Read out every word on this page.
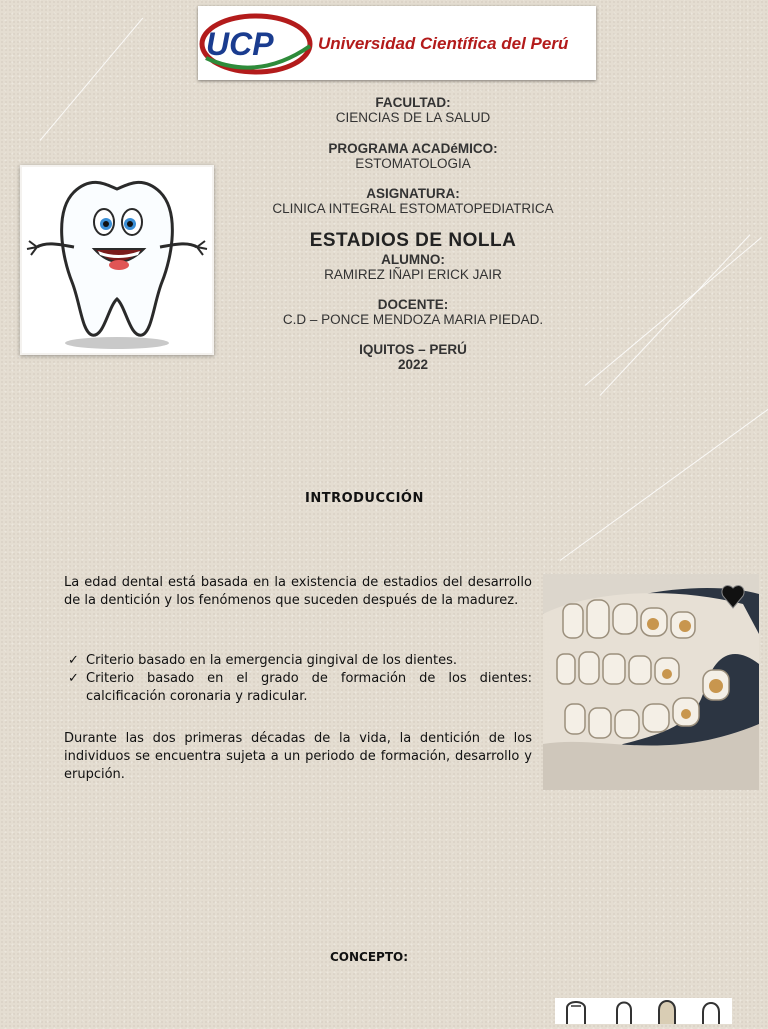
UCP	Universidad Científica del Perú
FACULTAD:
CIENCIAS DE LA SALUD
PROGRAMA ACADéMICO:
ESTOMATOLOGIA
ASIGNATURA:
CLINICA INTEGRAL ESTOMATOPEDIATRICA
ESTADIOS DE NOLLA
ALUMNO:
RAMIREZ IÑAPI ERICK JAIR
DOCENTE:
C.D – PONCE MENDOZA MARIA PIEDAD.
IQUITOS – PERÚ
2022
INTRODUCCIÓN
La edad dental está basada en la existencia de estadios del desarrollo de la dentición y los fenómenos que suceden después de la madurez.
✓ Criterio basado en la emergencia gingival de los dientes.
✓ Criterio basado en el grado de formación de los dientes: calcificación coronaria y radicular.
Durante las dos primeras décadas de la vida, la dentición de los individuos se encuentra sujeta a un periodo de formación, desarrollo y erupción.
CONCEPTO:
